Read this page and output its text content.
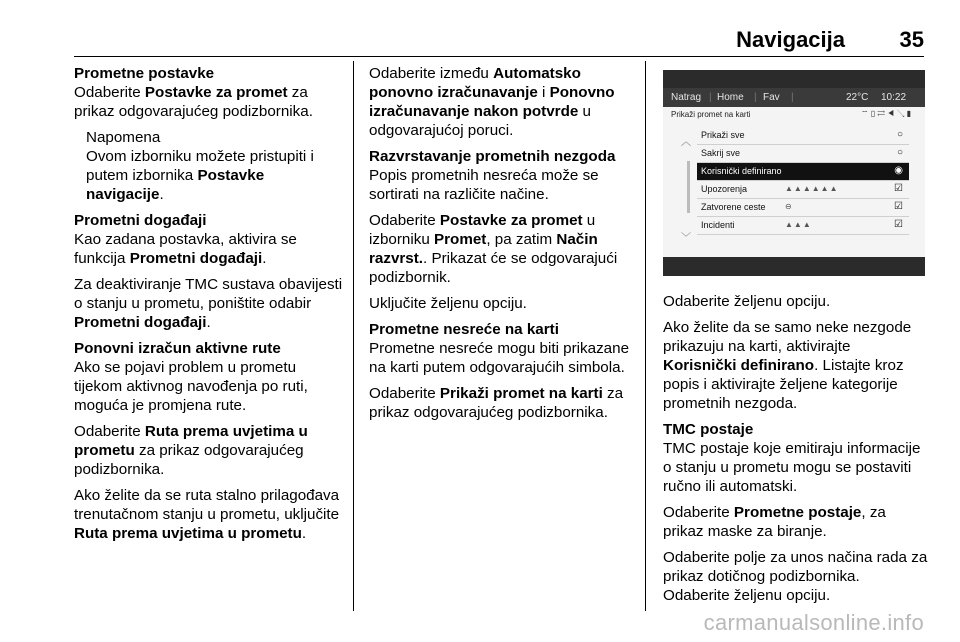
Navigacija 35

Prometne postavke

Odaberite Postavke za promet za prikaz odgovarajućeg podizbornika.

Napomena

Ovom izborniku možete pristupiti i putem izbornika Postavke navigacije.

Prometni događaji

Kao zadana postavka, aktivira se funkcija Prometni događaji.

Za deaktiviranje TMC sustava obavijesti o stanju u prometu, poništite odabir Prometni događaji.

Ponovni izračun aktivne rute

Ako se pojavi problem u prometu tijekom aktivnog navođenja po ruti, moguća je promjena rute.

Odaberite Ruta prema uvjetima u prometu za prikaz odgovarajućeg podizbornika.

Ako želite da se ruta stalno prilagođava trenutačnom stanju u prometu, uključite Ruta prema uvjetima u prometu.

Odaberite između Automatsko ponovno izračunavanje i Ponovno izračunavanje nakon potvrde u odgovarajućoj poruci.

Razvrstavanje prometnih nezgoda

Popis prometnih nesreća može se sortirati na različite načine.

Odaberite Postavke za promet u izborniku Promet, pa zatim Način razvrst.. Prikazat će se odgovarajući podizbornik.

Uključite željenu opciju.

Prometne nesreće na karti

Prometne nesreće mogu biti prikazane na karti putem odgovarajućih simbola.

Odaberite Prikaži promet na karti za prikaz odgovarajućeg podizbornika.

Natrag | Home | Fav |	22°C 10:22
Prikaži promet na karti	⌔ ▯ ⇄ ◀ ↘ ▮
︿
﹀
Prikaži sve	○
Sakrij sve	○
Korisnički definirano	◉
Upozorenja	▲▲▲▲▲▲	☑
Zatvorene ceste ⊖	☑
Incidenti	▲▲▲	☑

Odaberite željenu opciju.

Ako želite da se samo neke nezgode prikazuju na karti, aktivirajte Korisnički definirano. Listajte kroz popis i aktivirajte željene kategorije prometnih nezgoda.

TMC postaje

TMC postaje koje emitiraju informacije o stanju u prometu mogu se postaviti ručno ili automatski.

Odaberite Prometne postaje, za prikaz maske za biranje.

Odaberite polje za unos načina rada za prikaz dotičnog podizbornika.

Odaberite željenu opciju.

carmanualsonline.info
